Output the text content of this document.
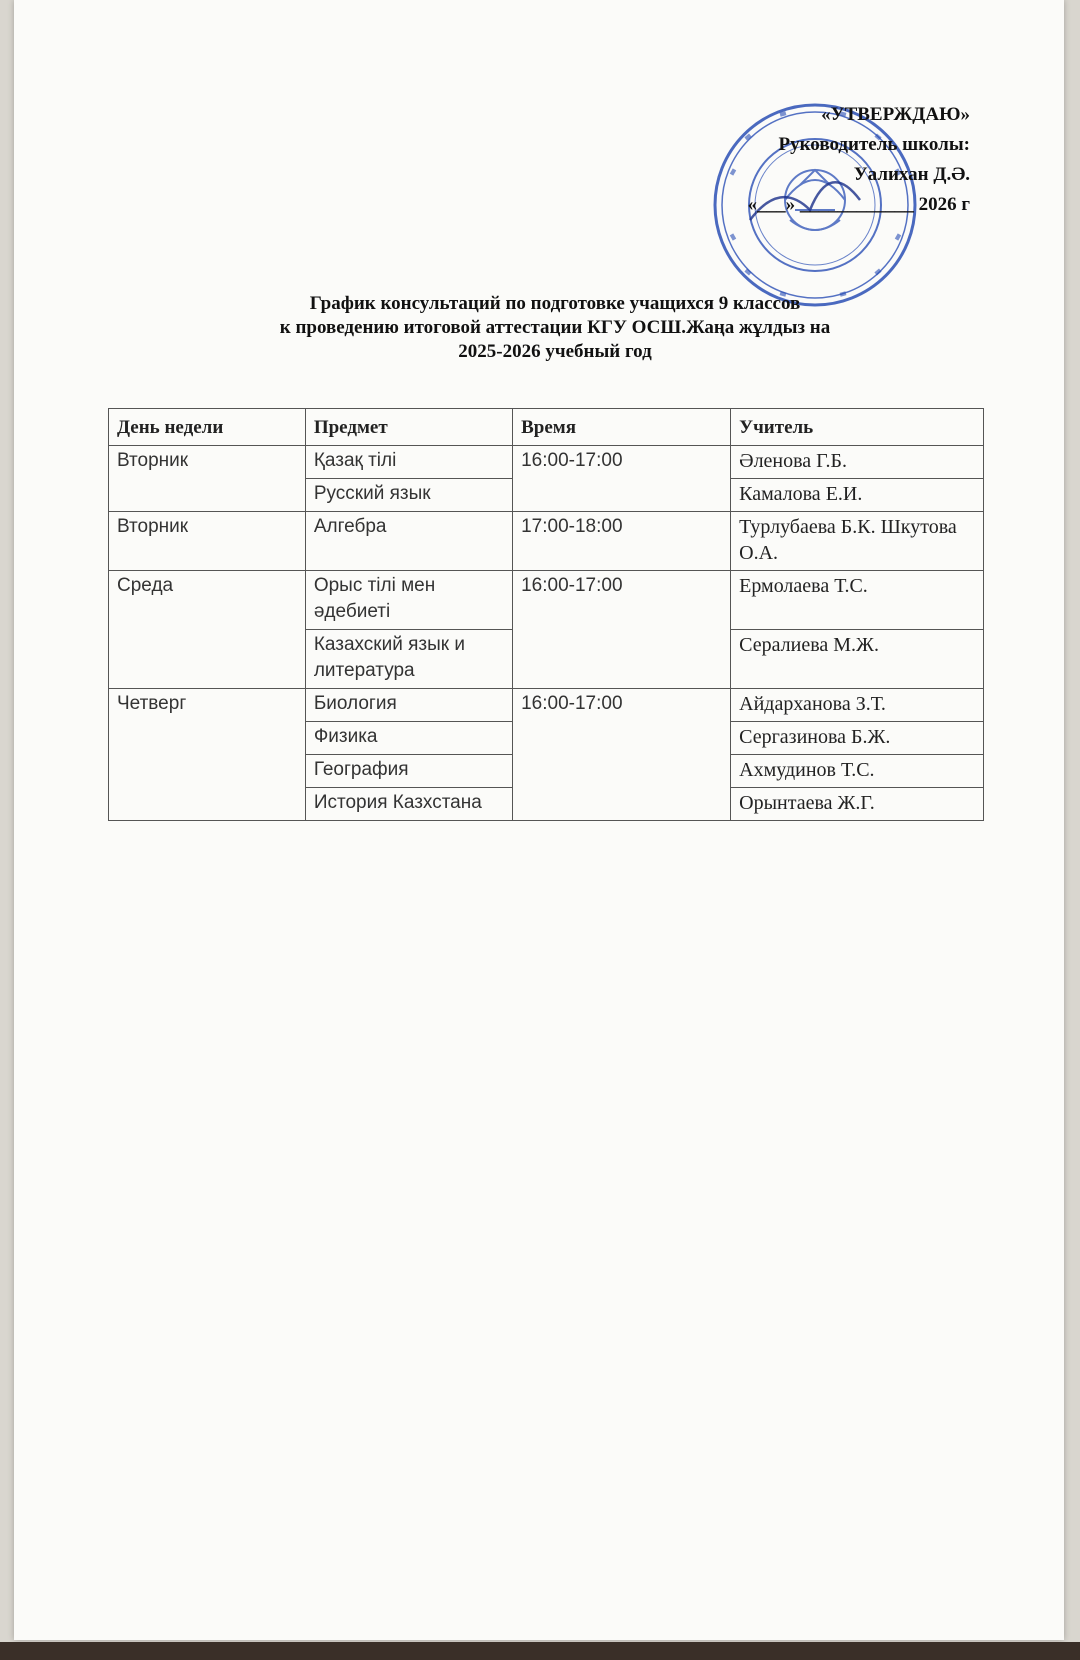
«УТВЕРЖДАЮ»
Руководитель школы:
Уалихан Д.Ә.
«___» ____________ 2026 г
График консультаций по подготовке учащихся 9 классов
к проведению итоговой аттестации КГУ ОСШ.Жаңа жұлдыз на
2025-2026 учебный год
День недели	Предмет	Время	Учитель
Вторник	Қазақ тілі	16:00-17:00	Әленова Г.Б.
	Русский язык		Камалова Е.И.
Вторник	Алгебра	17:00-18:00	Турлубаева Б.К. Шкутова О.А.
Среда	Орыс тілі мен әдебиеті	16:00-17:00	Ермолаева Т.С.
	Казахский язык и литература		Сералиева М.Ж.
Четверг	Биология	16:00-17:00	Айдарханова З.Т.
	Физика		Сергазинова Б.Ж.
	География		Ахмудинов Т.С.
	История Казхстана		Орынтаева Ж.Г.
